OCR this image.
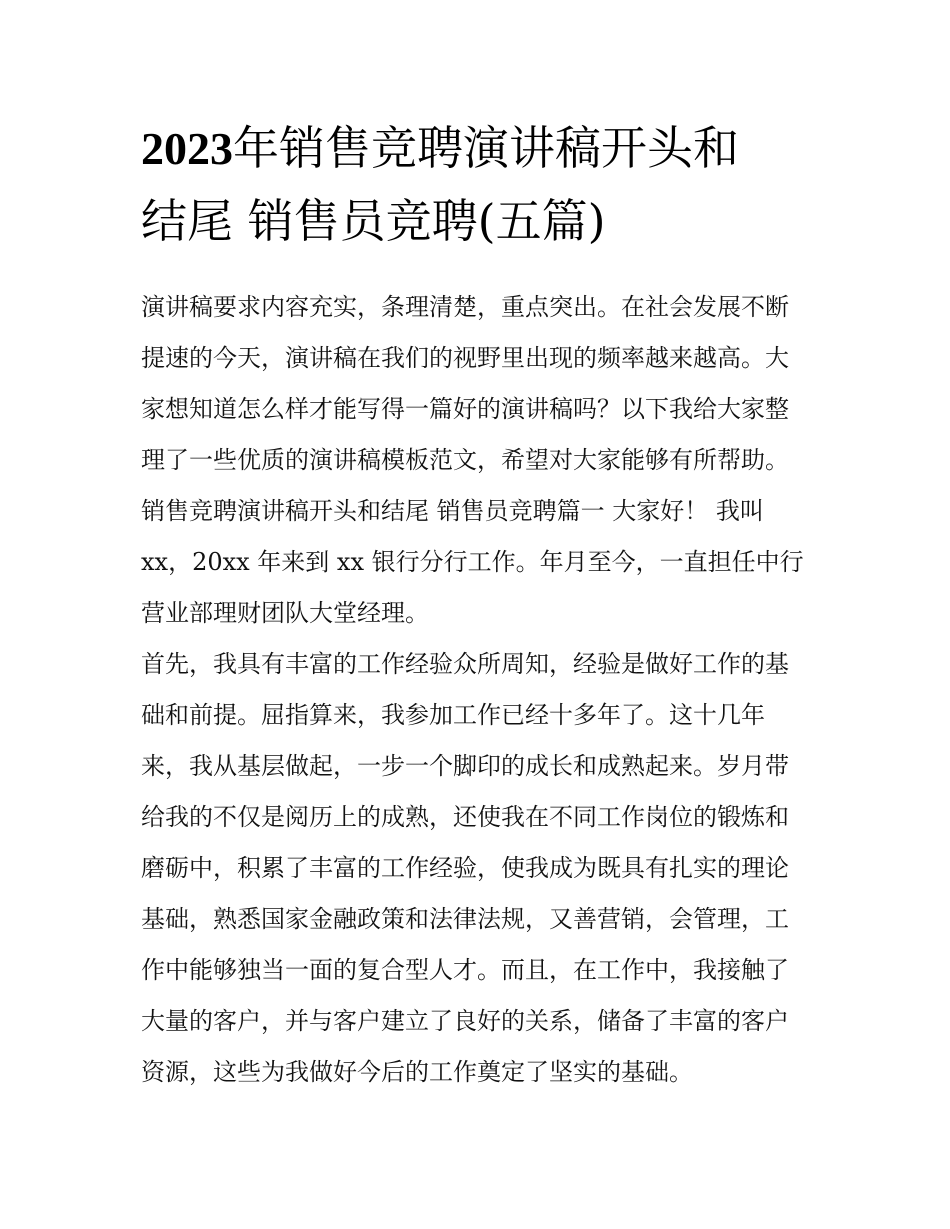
2023年销售竞聘演讲稿开头和
结尾 销售员竞聘(五篇)
演讲稿要求内容充实，条理清楚，重点突出。在社会发展不断
提速的今天，演讲稿在我们的视野里出现的频率越来越高。大
家想知道怎么样才能写得一篇好的演讲稿吗？以下我给大家整
理了一些优质的演讲稿模板范文，希望对大家能够有所帮助。
销售竞聘演讲稿开头和结尾 销售员竞聘篇一 大家好！ 我叫
xx，20xx 年来到 xx 银行分行工作。年月至今，一直担任中行
营业部理财团队大堂经理。
首先，我具有丰富的工作经验众所周知，经验是做好工作的基
础和前提。屈指算来，我参加工作已经十多年了。这十几年
来，我从基层做起，一步一个脚印的成长和成熟起来。岁月带
给我的不仅是阅历上的成熟，还使我在不同工作岗位的锻炼和
磨砺中，积累了丰富的工作经验，使我成为既具有扎实的理论
基础，熟悉国家金融政策和法律法规，又善营销，会管理，工
作中能够独当一面的复合型人才。而且，在工作中，我接触了
大量的客户，并与客户建立了良好的关系，储备了丰富的客户
资源，这些为我做好今后的工作奠定了坚实的基础。
